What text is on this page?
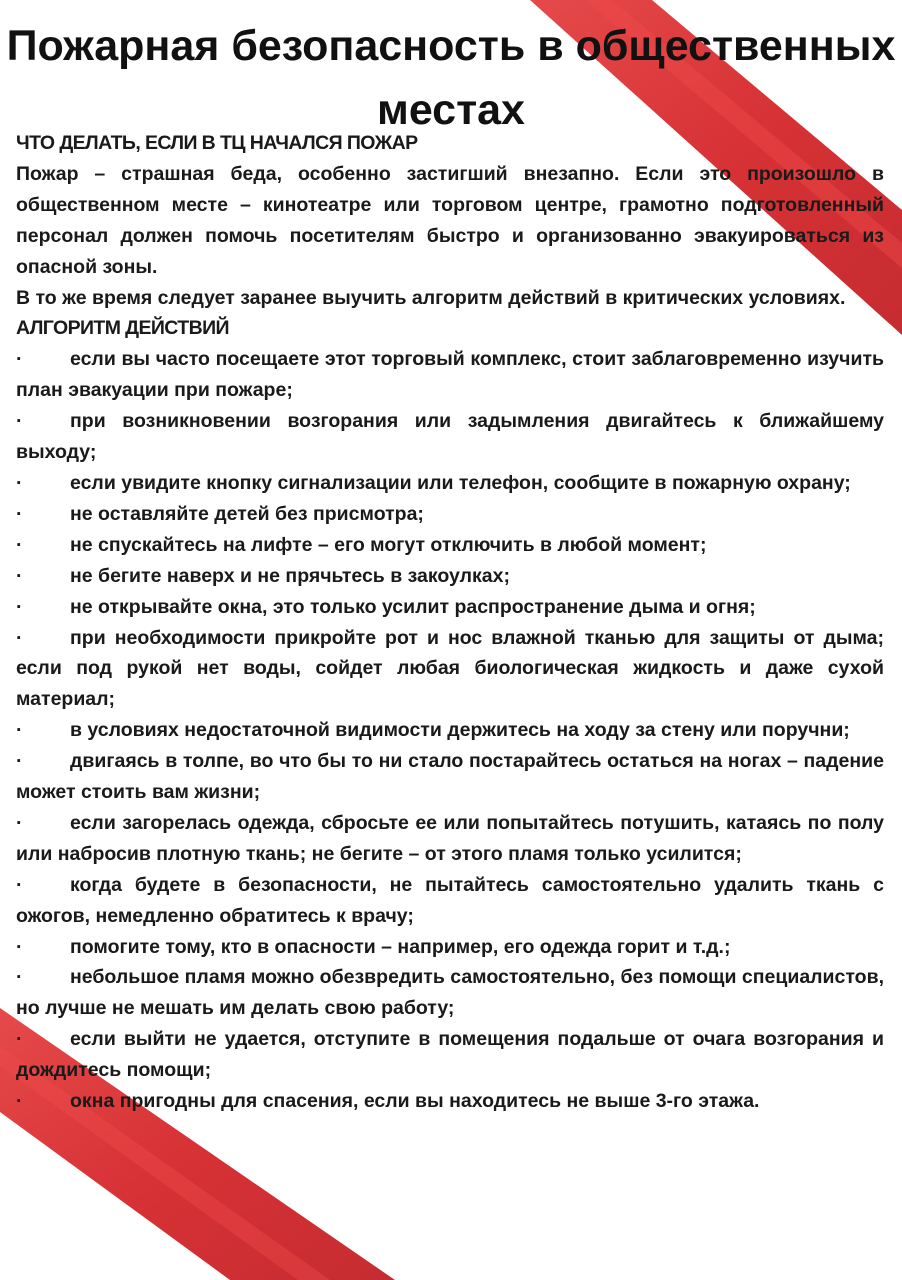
Пожарная безопасность в общественных местах

ЧТО ДЕЛАТЬ, ЕСЛИ В ТЦ НАЧАЛСЯ ПОЖАР

Пожар – страшная беда, особенно застигший внезапно. Если это произошло в общественном месте – кинотеатре или торговом центре, грамотно подготовленный персонал должен помочь посетителям быстро и организованно эвакуироваться из опасной зоны.

В то же время следует заранее выучить алгоритм действий в критических условиях.

АЛГОРИТМ ДЕЙСТВИЙ

· если вы часто посещаете этот торговый комплекс, стоит заблаговременно изучить план эвакуации при пожаре;

· при возникновении возгорания или задымления двигайтесь к ближайшему выходу;

· если увидите кнопку сигнализации или телефон, сообщите в пожарную охрану;

· не оставляйте детей без присмотра;

· не спускайтесь на лифте – его могут отключить в любой момент;

· не бегите наверх и не прячьтесь в закоулках;

· не открывайте окна, это только усилит распространение дыма и огня;

· при необходимости прикройте рот и нос влажной тканью для защиты от дыма; если под рукой нет воды, сойдет любая биологическая жидкость и даже сухой материал;

· в условиях недостаточной видимости держитесь на ходу за стену или поручни;

· двигаясь в толпе, во что бы то ни стало постарайтесь остаться на ногах – падение может стоить вам жизни;

· если загорелась одежда, сбросьте ее или попытайтесь потушить, катаясь по полу или набросив плотную ткань; не бегите – от этого пламя только усилится;

· когда будете в безопасности, не пытайтесь самостоятельно удалить ткань с ожогов, немедленно обратитесь к врачу;

· помогите тому, кто в опасности – например, его одежда горит и т.д.;

· небольшое пламя можно обезвредить самостоятельно, без помощи специалистов, но лучше не мешать им делать свою работу;

· если выйти не удается, отступите в помещения подальше от очага возгорания и дождитесь помощи;

· окна пригодны для спасения, если вы находитесь не выше 3-го этажа.
